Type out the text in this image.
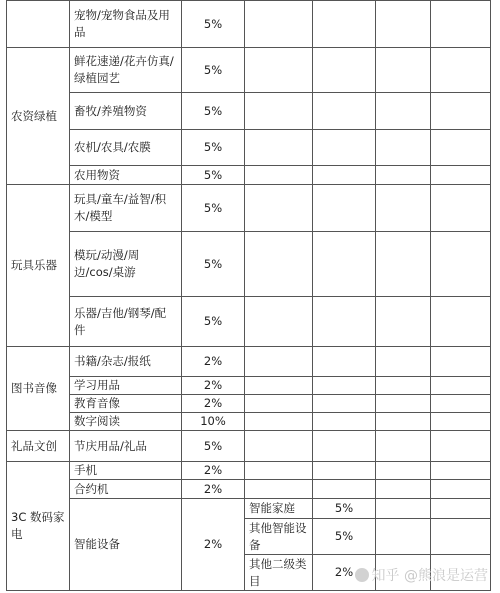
	宠物/宠物食品及用品	5%				
农资绿植	鲜花速递/花卉仿真/绿植园艺	5%				
	畜牧/养殖物资	5%				
	农机/农具/农膜	5%				
	农用物资	5%				
玩具乐器	玩具/童车/益智/积木/模型	5%				
	模玩/动漫/周边/cos/桌游	5%				
	乐器/吉他/钢琴/配件	5%				
图书音像	书籍/杂志/报纸	2%				
	学习用品	2%				
	教育音像	2%				
	数字阅读	10%				
礼品文创	节庆用品/礼品	5%				
3C 数码家电	手机	2%				
	合约机	2%				
	智能设备	2%	智能家庭	5%		
			其他智能设备	5%		
			其他二级类目	2%			知乎 @熊浪是运营
